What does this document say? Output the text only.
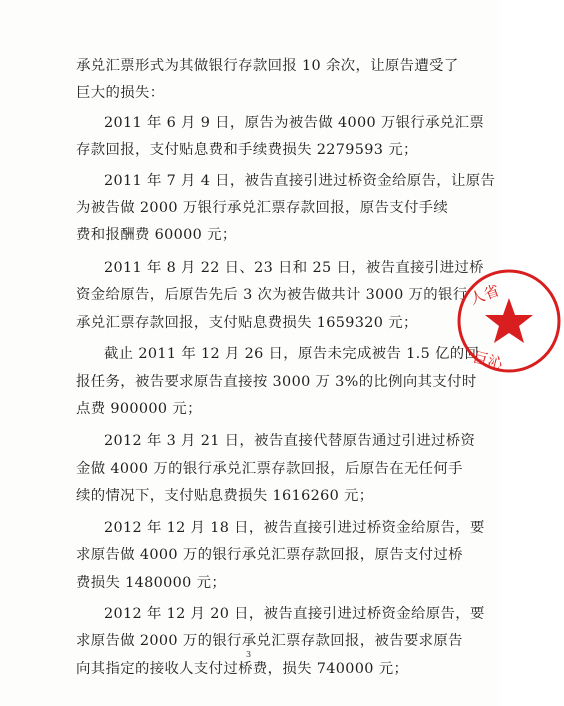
承兑汇票形式为其做银行存款回报 10 余次，让原告遭受了
巨大的损失：
2011 年 6 月 9 日，原告为被告做 4000 万银行承兑汇票
存款回报，支付贴息费和手续费损失 2279593 元；
2011 年 7 月 4 日，被告直接引进过桥资金给原告，让原告
为被告做 2000 万银行承兑汇票存款回报，原告支付手续
费和报酬费 60000 元；
2011 年 8 月 22 日、23 日和 25 日，被告直接引进过桥
资金给原告，后原告先后 3 次为被告做共计 3000 万的银行
承兑汇票存款回报，支付贴息费损失 1659320 元；
截止 2011 年 12 月 26 日，原告未完成被告 1.5 亿的回
报任务，被告要求原告直接按 3000 万 3%的比例向其支付时
点费 900000 元；
2012 年 3 月 21 日，被告直接代替原告通过引进过桥资
金做 4000 万的银行承兑汇票存款回报，后原告在无任何手
续的情况下，支付贴息费损失 1616260 元；
2012 年 12 月 18 日，被告直接引进过桥资金给原告，要
求原告做 4000 万的银行承兑汇票存款回报，原告支付过桥
费损失 1480000 元；
2012 年 12 月 20 日，被告直接引进过桥资金给原告，要
求原告做 2000 万的银行承兑汇票存款回报，被告要求原告
向其指定的接收人支付过桥费，损失 740000 元；
3
人省
巨沁
